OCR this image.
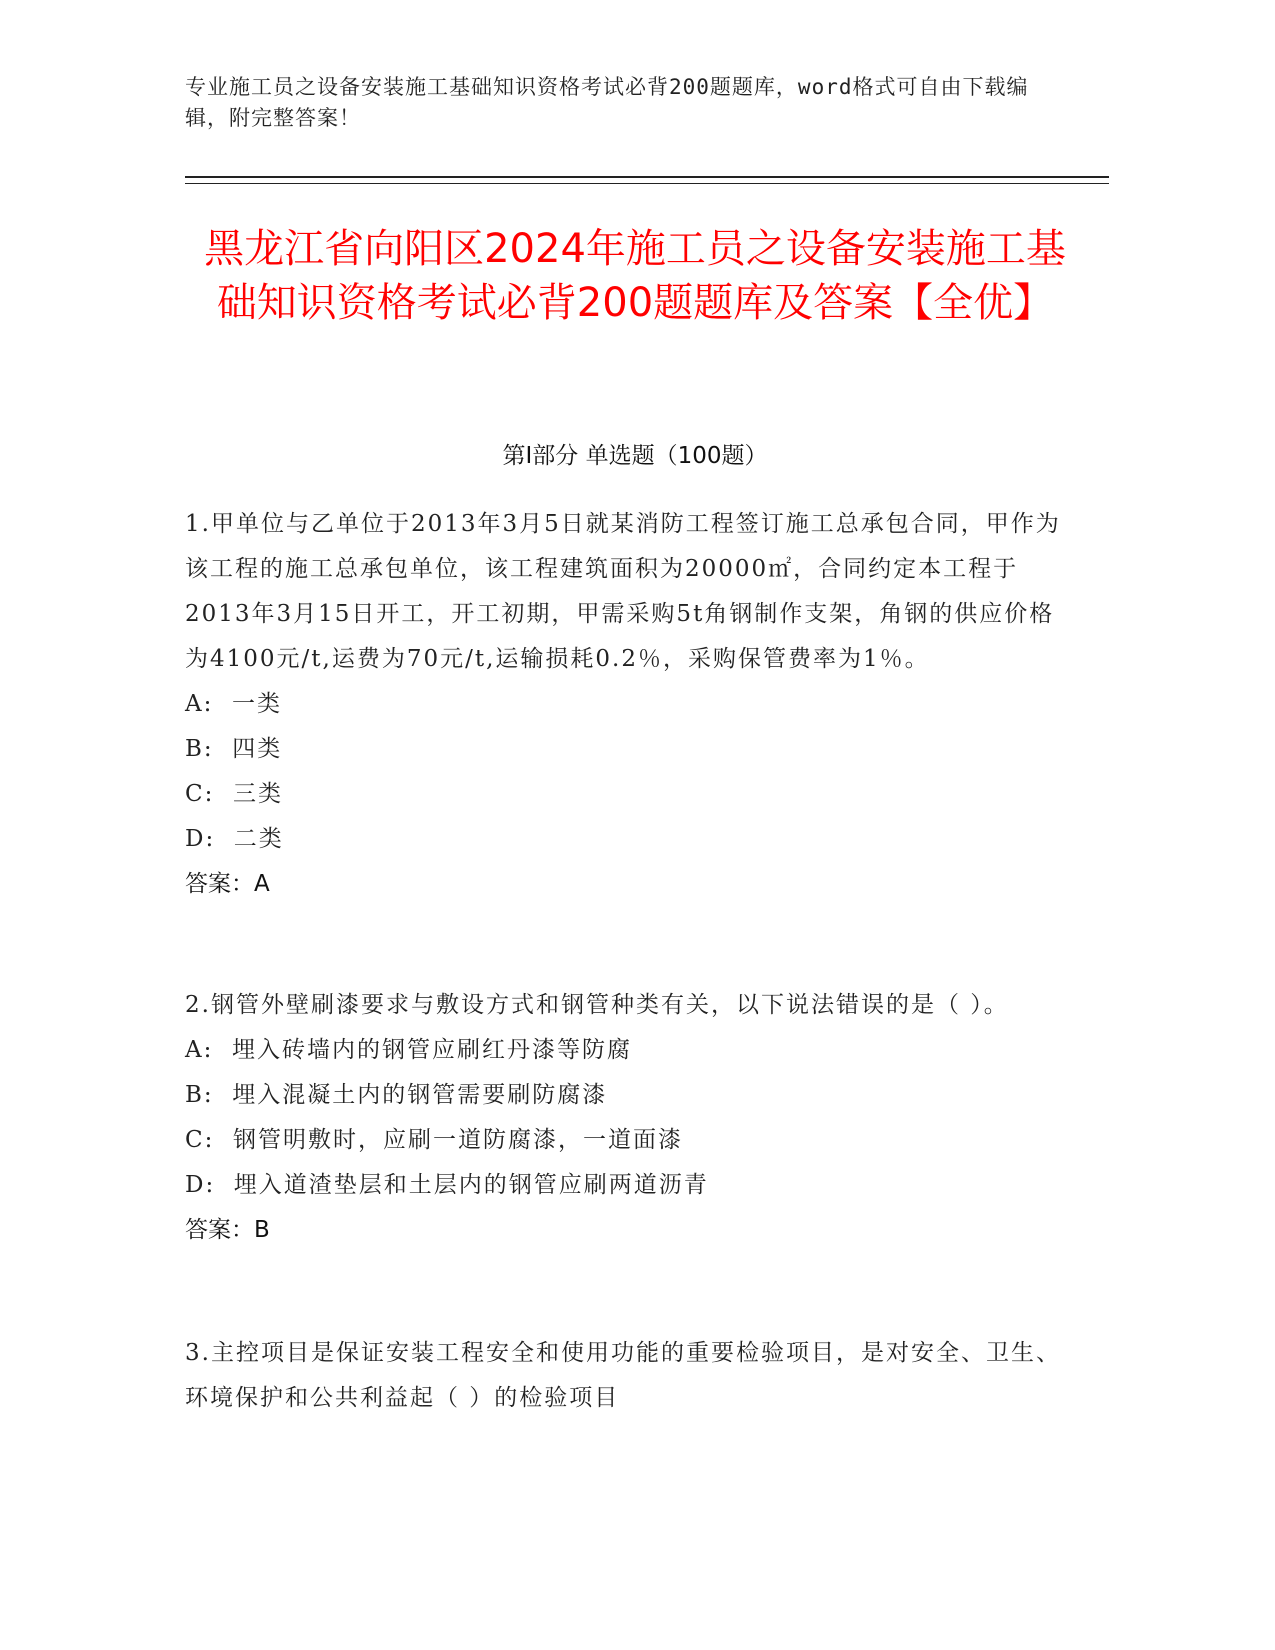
专业施工员之设备安装施工基础知识资格考试必背200题题库，word格式可自由下载编辑，附完整答案！
黑龙江省向阳区2024年施工员之设备安装施工基础知识资格考试必背200题题库及答案【全优】
第I部分 单选题（100题）
1.甲单位与乙单位于2013年3月5日就某消防工程签订施工总承包合同，甲作为该工程的施工总承包单位，该工程建筑面积为20000㎡，合同约定本工程于2013年3月15日开工，开工初期，甲需采购5t角钢制作支架，角钢的供应价格为4100元/t,运费为70元/t,运输损耗0.2％，采购保管费率为1％。
A:  一类
B:  四类
C:  三类
D:  二类
答案：A
2.钢管外壁刷漆要求与敷设方式和钢管种类有关，以下说法错误的是（ ）。
A:  埋入砖墙内的钢管应刷红丹漆等防腐
B:  埋入混凝土内的钢管需要刷防腐漆
C:  钢管明敷时，应刷一道防腐漆，一道面漆
D:  埋入道渣垫层和土层内的钢管应刷两道沥青
答案：B
3.主控项目是保证安装工程安全和使用功能的重要检验项目，是对安全、卫生、环境保护和公共利益起（ ）的检验项目
